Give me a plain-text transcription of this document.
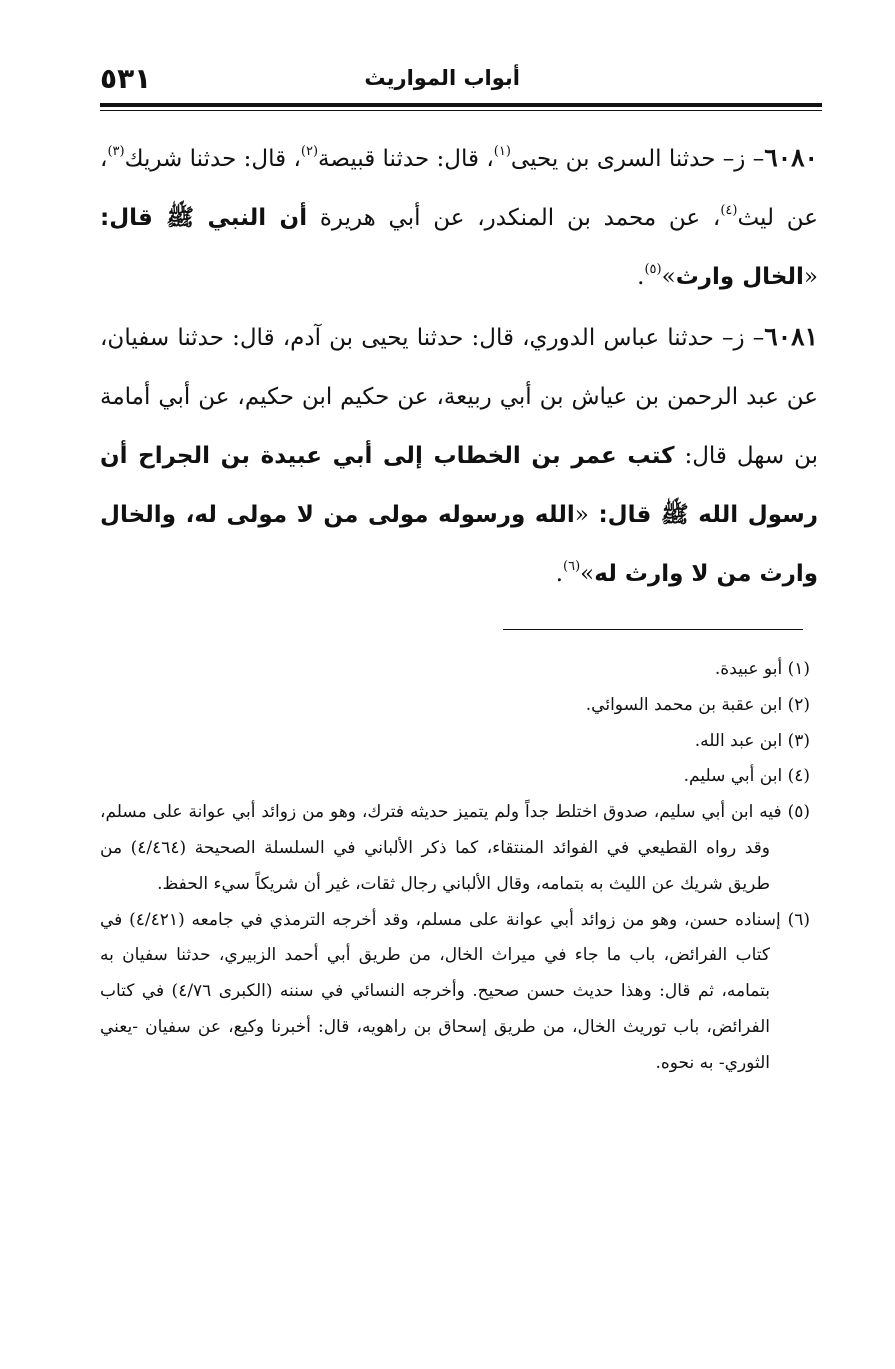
أبواب المواريث
٥٣١

٦٠٨٠– ز– حدثنا السرى بن يحيى$^{(١)}$، قال: حدثنا قبيصة$^{(٢)}$، قال: حدثنا شريك$^{(٣)}$، عن ليث$^{(٤)}$، عن محمد بن المنكدر، عن أبي هريرة أن النبي ﷺ قال: «الخال وارث»$^{(٥)}$.

٦٠٨١– ز– حدثنا عباس الدوري، قال: حدثنا يحيى بن آدم، قال: حدثنا سفيان، عن عبد الرحمن بن عياش بن أبي ربيعة، عن حكيم ابن حكيم، عن أبي أمامة بن سهل قال: كتب عمر بن الخطاب إلى أبي عبيدة بن الجراح أن رسول الله ﷺ قال: «الله ورسوله مولى من لا مولى له، والخال وارث من لا وارث له»$^{(٦)}$.

(١) أبو عبيدة.

(٢) ابن عقبة بن محمد السوائي.

(٣) ابن عبد الله.

(٤) ابن أبي سليم.

(٥) فيه ابن أبي سليم، صدوق اختلط جداً ولم يتميز حديثه فترك، وهو من زوائد أبي عوانة على مسلم، وقد رواه القطيعي في الفوائد المنتقاء، كما ذكر الألباني في السلسلة الصحيحة (٤/٤٦٤) من طريق شريك عن الليث به بتمامه، وقال الألباني رجال ثقات، غير أن شريكاً سيء الحفظ.

(٦) إسناده حسن، وهو من زوائد أبي عوانة على مسلم، وقد أخرجه الترمذي في جامعه (٤/٤٢١) في كتاب الفرائض، باب ما جاء في ميراث الخال، من طريق أبي أحمد الزبيري، حدثنا سفيان به بتمامه، ثم قال: وهذا حديث حسن صحيح. وأخرجه النسائي في سننه (الكبرى ٤/٧٦) في كتاب الفرائض، باب توريث الخال، من طريق إسحاق بن راهويه، قال: أخبرنا وكيع، عن سفيان -يعني الثوري- به نحوه.
